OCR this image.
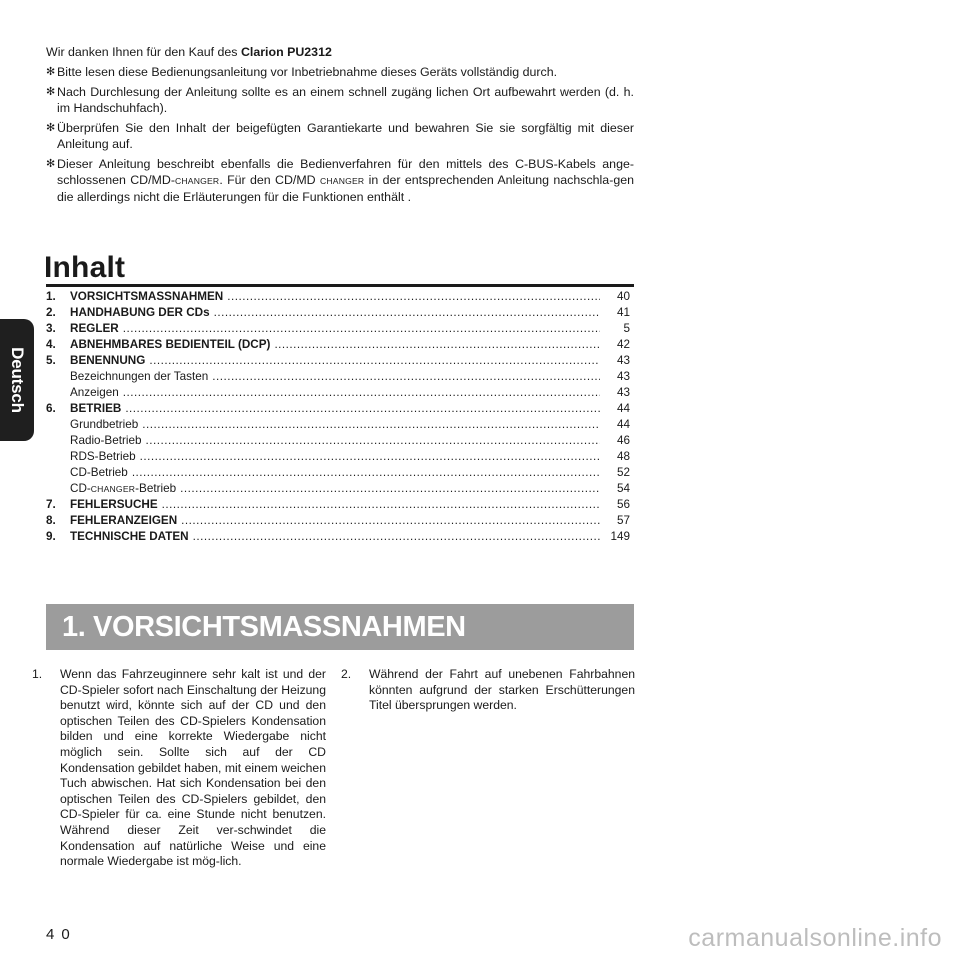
Wir danken Ihnen für den Kauf des Clarion PU2312

✻ Bitte lesen diese Bedienungsanleitung vor Inbetriebnahme dieses Geräts vollständig durch.
✻ Nach Durchlesung der Anleitung sollte es an einem schnell zugäng lichen Ort aufbewahrt werden (d. h. im Handschuhfach).
✻ Überprüfen Sie den Inhalt der beigefügten Garantiekarte und bewahren Sie sie sorgfältig mit dieser Anleitung auf.
✻ Dieser Anleitung beschreibt ebenfalls die Bedienverfahren für den mittels des C-BUS-Kabels ange-schlossenen CD/MD-CHANGER. Für den CD/MD CHANGER in der entsprechenden Anleitung nachschla-gen die allerdings nicht die Erläuterungen für die Funktionen enthält .
Inhalt
1.	VORSICHTSMASSNAHMEN .....	40
2.	HANDHABUNG DER CDs .....	41
3.	REGLER .....	5
4.	ABNEHMBARES BEDIENTEIL (DCP) .....	42
5.	BENENNUNG .....	43
Bezeichnungen der Tasten .....	43
Anzeigen .....	43
6.	BETRIEB .....	44
Grundbetrieb .....	44
Radio-Betrieb .....	46
RDS-Betrieb .....	48
CD-Betrieb .....	52
CD-CHANGER-Betrieb .....	54
7.	FEHLERSUCHE .....	56
8.	FEHLERANZEIGEN .....	57
9.	TECHNISCHE DATEN .....	149
1. VORSICHTSMASSNAHMEN
1. Wenn das Fahrzeuginnere sehr kalt ist und der CD-Spieler sofort nach Einschaltung der Heizung benutzt wird, könnte sich auf der CD und den optischen Teilen des CD-Spielers Kondensation bilden und eine korrekte Wiedergabe nicht möglich sein. Sollte sich auf der CD Kondensation gebildet haben, mit einem weichen Tuch abwischen. Hat sich Kondensation bei den optischen Teilen des CD-Spielers gebildet, den CD-Spieler für ca. eine Stunde nicht benutzen. Während dieser Zeit ver-schwindet die Kondensation auf natürliche Weise und eine normale Wiedergabe ist mög-lich.
2. Während der Fahrt auf unebenen Fahrbahnen könnten aufgrund der starken Erschütterungen Titel übersprungen werden.
Deutsch
40	carmanualsonline.info
